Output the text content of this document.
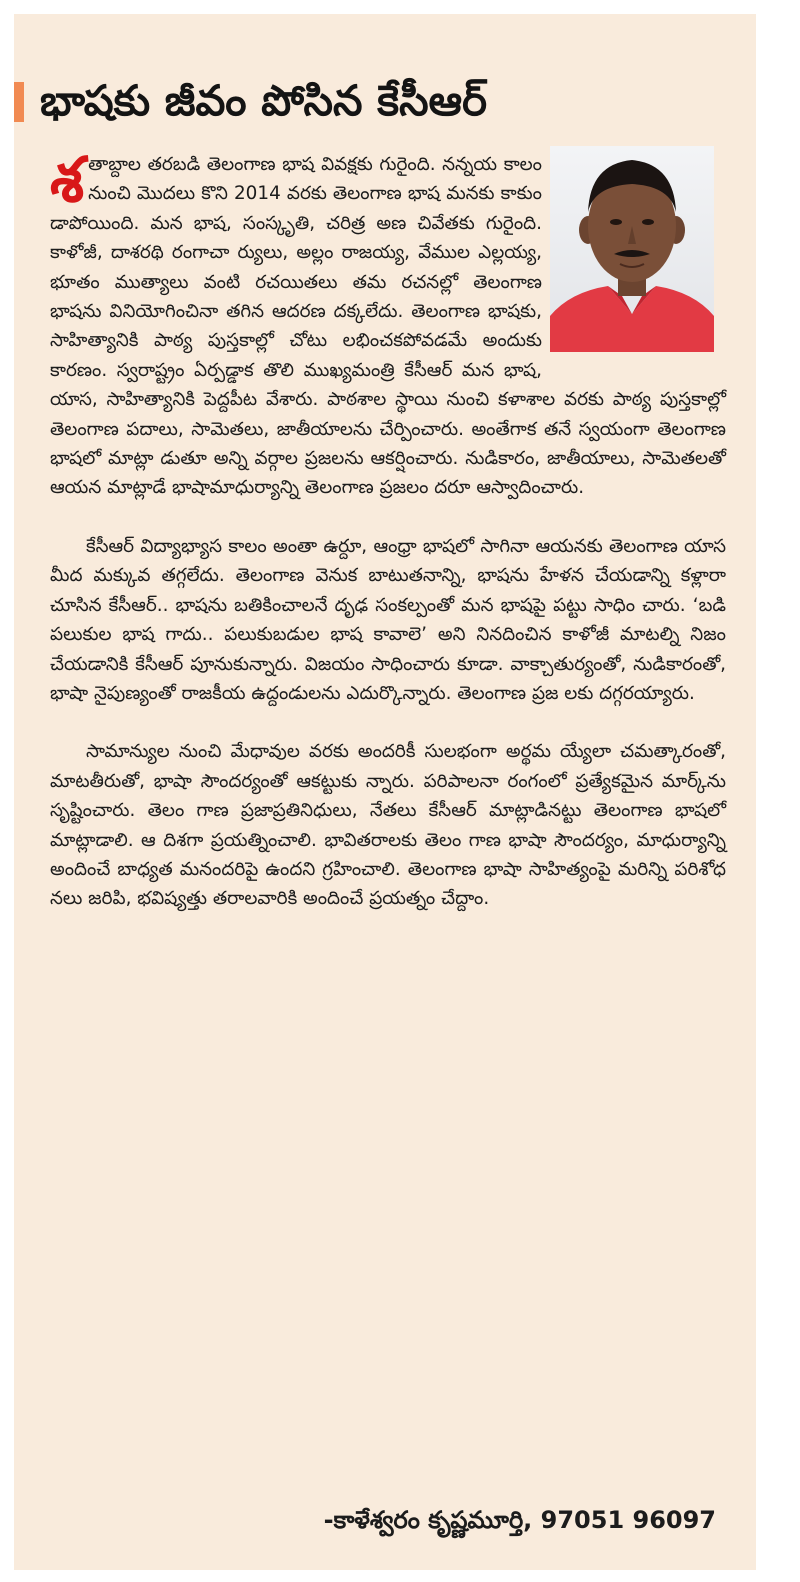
భాషకు జీవం పోసిన కేసీఆర్

శతాబ్దాల తరబడి తెలంగాణ భాష వివక్షకు గురైంది. నన్నయ కాలం నుంచి మొదలు కొని 2014 వరకు తెలంగాణ భాష మనకు కాకుం డాపోయింది. మన భాష, సంస్కృతి, చరిత్ర అణ చివేతకు గురైంది. కాళోజీ, దాశరథి రంగాచా ర్యులు, అల్లం రాజయ్య, వేముల ఎల్లయ్య, భూతం ముత్యాలు వంటి రచయితలు తమ రచనల్లో తెలంగాణ భాషను వినియోగించినా తగిన ఆదరణ దక్కలేదు. తెలంగాణ భాషకు, సాహిత్యానికి పాఠ్య పుస్తకాల్లో చోటు లభించకపోవడమే అందుకు కారణం. స్వరాష్ట్రం ఏర్పడ్డాక తొలి ముఖ్యమంత్రి కేసీఆర్ మన భాష, యాస, సాహిత్యానికి పెద్దపీట వేశారు. పాఠశాల స్థాయి నుంచి కళాశాల వరకు పాఠ్య పుస్తకాల్లో తెలంగాణ పదాలు, సామెతలు, జాతీయాలను చేర్పించారు. అంతేగాక తనే స్వయంగా తెలంగాణ భాషలో మాట్లా డుతూ అన్ని వర్గాల ప్రజలను ఆకర్షించారు. నుడికారం, జాతీయాలు, సామెతలతో ఆయన మాట్లాడే భాషామాధుర్యాన్ని తెలంగాణ ప్రజలం దరూ ఆస్వాదించారు.

కేసీఆర్ విద్యాభ్యాస కాలం అంతా ఉర్దూ, ఆంధ్రా భాషలో సాగినా ఆయనకు తెలంగాణ యాస మీద మక్కువ తగ్గలేదు. తెలంగాణ వెనుక బాటుతనాన్ని, భాషను హేళన చేయడాన్ని కళ్లారా చూసిన కేసీఆర్.. భాషను బతికించాలనే దృఢ సంకల్పంతో మన భాషపై పట్టు సాధిం చారు. ‘బడి పలుకుల భాష గాదు.. పలుకుబడుల భాష కావాలె’ అని నినదించిన కాళోజీ మాటల్ని నిజం చేయడానికి కేసీఆర్ పూనుకున్నారు. విజయం సాధించారు కూడా. వాక్చాతుర్యంతో, నుడికారంతో, భాషా నైపుణ్యంతో రాజకీయ ఉద్దండులను ఎదుర్కొన్నారు. తెలంగాణ ప్రజ లకు దగ్గరయ్యారు.

సామాన్యుల నుంచి మేధావుల వరకు అందరికీ సులభంగా అర్థమ య్యేలా చమత్కారంతో, మాటతీరుతో, భాషా సౌందర్యంతో ఆకట్టుకు న్నారు. పరిపాలనా రంగంలో ప్రత్యేకమైన మార్క్‌ను సృష్టించారు. తెలం గాణ ప్రజాప్రతినిధులు, నేతలు కేసీఆర్ మాట్లాడినట్టు తెలంగాణ భాషలో మాట్లాడాలి. ఆ దిశగా ప్రయత్నించాలి. భావితరాలకు తెలం గాణ భాషా సౌందర్యం, మాధుర్యాన్ని అందించే బాధ్యత మనందరిపై ఉందని గ్రహించాలి. తెలంగాణ భాషా సాహిత్యంపై మరిన్ని పరిశోధ నలు జరిపి, భవిష్యత్తు తరాలవారికి అందించే ప్రయత్నం చేద్దాం.

-కాళేశ్వరం కృష్ణమూర్తి, 97051 96097
